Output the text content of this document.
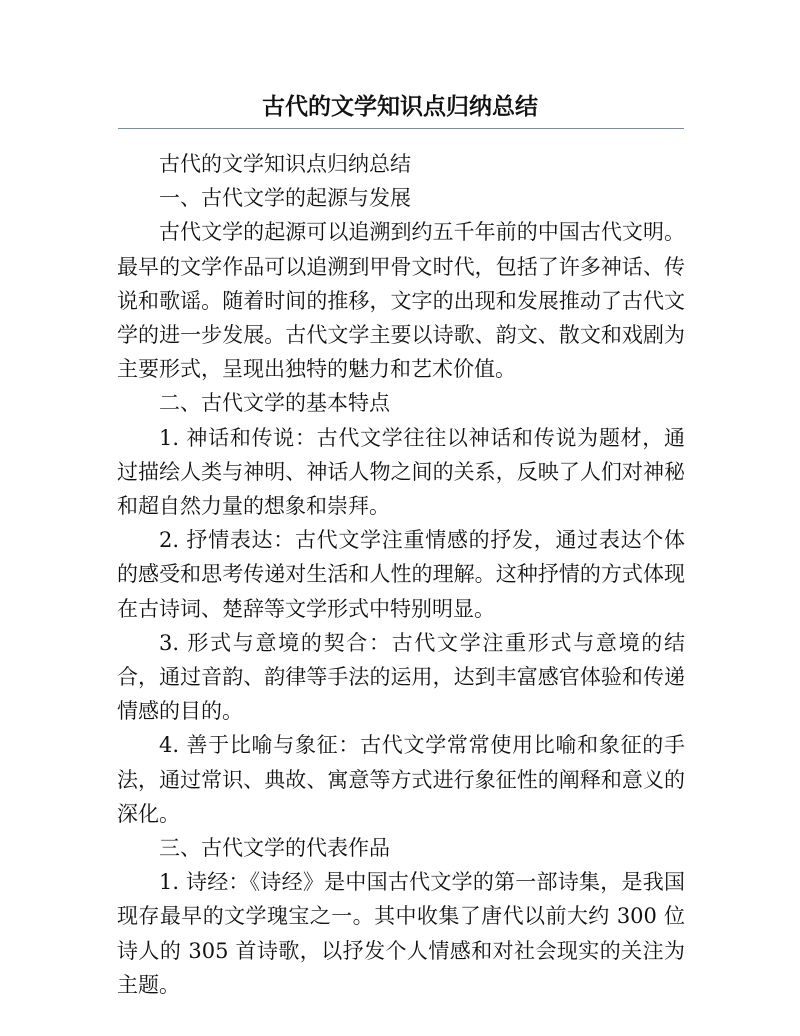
古代的文学知识点归纳总结

古代的文学知识点归纳总结

一、古代文学的起源与发展

古代文学的起源可以追溯到约五千年前的中国古代文明。最早的文学作品可以追溯到甲骨文时代，包括了许多神话、传说和歌谣。随着时间的推移，文字的出现和发展推动了古代文学的进一步发展。古代文学主要以诗歌、韵文、散文和戏剧为主要形式，呈现出独特的魅力和艺术价值。

二、古代文学的基本特点

1. 神话和传说：古代文学往往以神话和传说为题材，通过描绘人类与神明、神话人物之间的关系，反映了人们对神秘和超自然力量的想象和崇拜。

2. 抒情表达：古代文学注重情感的抒发，通过表达个体的感受和思考传递对生活和人性的理解。这种抒情的方式体现在古诗词、楚辞等文学形式中特别明显。

3. 形式与意境的契合：古代文学注重形式与意境的结合，通过音韵、韵律等手法的运用，达到丰富感官体验和传递情感的目的。

4. 善于比喻与象征：古代文学常常使用比喻和象征的手法，通过常识、典故、寓意等方式进行象征性的阐释和意义的深化。

三、古代文学的代表作品

1. 诗经：《诗经》是中国古代文学的第一部诗集，是我国现存最早的文学瑰宝之一。其中收集了唐代以前大约 300 位诗人的 305 首诗歌，以抒发个人情感和对社会现实的关注为主题。
